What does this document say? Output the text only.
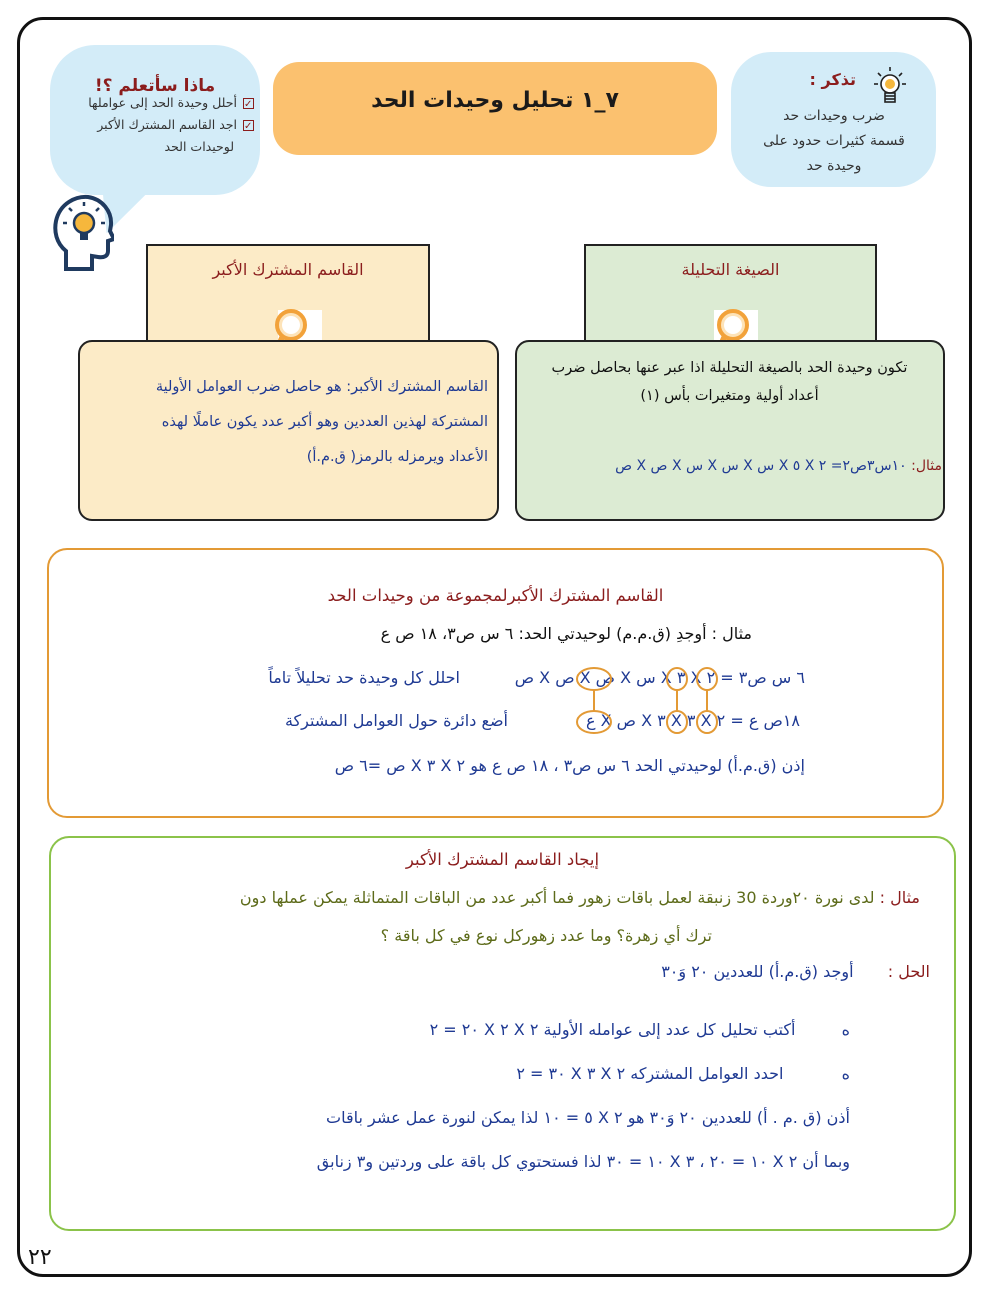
ماذا سأتعلم ؟!
✓أحلل وحيدة الحد إلى عواملها
✓اجد القاسم المشترك الأكبر
لوحيدات الحد
٧_١ تحليل وحيدات الحد
تذكر :
ضرب وحيدات حد
قسمة كثيرات حدود على
وحيدة حد
القاسم المشترك الأكبر	الصيغة التحليلة
القاسم المشترك الأكبر: هو حاصل ضرب العوامل الأولية
المشتركة لهذين العددين وهو أكبر عدد يكون عاملًا لهذه
الأعداد ويرمزله بالرمز( ق.م.أ)
تكون وحيدة الحد بالصيغة التحليلة اذا عبر عنها بحاصل ضرب
أعداد أولية ومتغيرات بأس (١)
مثال: ١٠س٣ص٢= ٢ X ٥ X س X س X س X ص X ص
القاسم المشترك الأكبرلمجموعة من وحيدات الحد
مثال : أوجدِ (ق.م.م) لوحيدتي الحد: ٦ س ص٣، ١٨ ص ع
٦ س ص٣ = ٢ X ٣ X س X ص X ص X ص
احلل كل وحيدة حد تحليلاً تاماً
١٨ص ع = ٢ X ٣ X ٣ X ص X ع
أضع دائرة حول العوامل المشتركة
إذن (ق.م.أ) لوحيدتي الحد ٦ س ص٣ ، ١٨ ص ع هو ٢ X ٣ X ص =٦ ص
إيجاد القاسم المشترك الأكبر
مثال : لدى نورة ٢٠وردة 30 زنبقة لعمل باقات زهور فما أكبر عدد من الباقات المتماثلة يمكن عملها دون
ترك أي زهرة؟ وما عدد زهوركل نوع في كل باقة ؟
الحل :  أوجد (ق.م.أ) للعددين ٢٠ وَ٣٠
ه  أكتب تحليل كل عدد إلى عوامله الأولية ٢ X ٢ X ٢٠ = ٢
ه  احدد العوامل المشتركه ٢ X ٣ X ٣٠ = ٢
أذن (ق .م . أ) للعددين ٢٠ وَ٣٠ هو ٢ X ٥ = ١٠ لذا يمكن لنورة عمل عشر باقات
وبما أن ٢ X ١٠ = ٢٠ ، ٣ X ١٠ = ٣٠ لذا فستحتوي كل باقة على وردتين و٣ زنابق
٢٢
